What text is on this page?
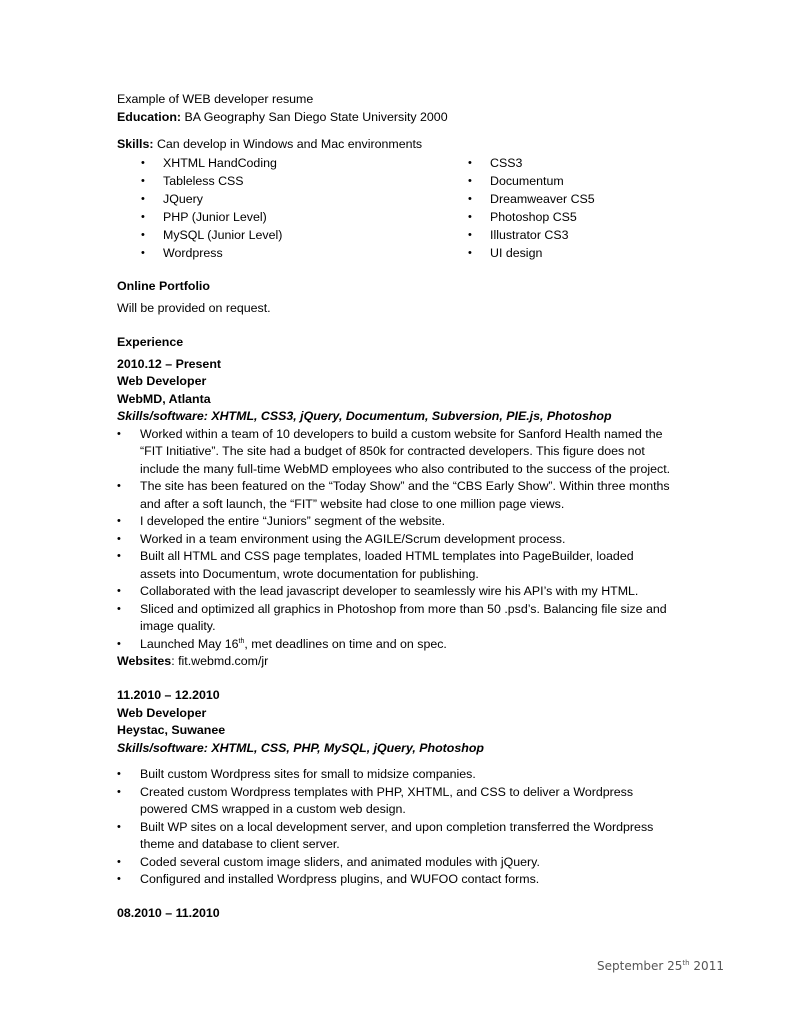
Example of WEB developer resume
Education: BA Geography San Diego State University 2000
Skills: Can develop in Windows and Mac environments
• XHTML HandCoding
• Tableless CSS
• JQuery
• PHP (Junior Level)
• MySQL (Junior Level)
• Wordpress
• CSS3
• Documentum
• Dreamweaver CS5
• Photoshop CS5
• Illustrator CS3
• UI design
Online Portfolio
Will be provided on request.
Experience
2010.12 – Present
Web Developer
WebMD, Atlanta
Skills/software: XHTML, CSS3, jQuery, Documentum, Subversion, PIE.js, Photoshop
• Worked within a team of 10 developers to build a custom website for Sanford Health named the “FIT Initiative”. The site had a budget of 850k for contracted developers. This figure does not include the many full-time WebMD employees who also contributed to the success of the project.
• The site has been featured on the “Today Show” and the “CBS Early Show”. Within three months and after a soft launch, the “FIT” website had close to one million page views.
• I developed the entire “Juniors” segment of the website.
• Worked in a team environment using the AGILE/Scrum development process.
• Built all HTML and CSS page templates, loaded HTML templates into PageBuilder, loaded assets into Documentum, wrote documentation for publishing.
• Collaborated with the lead javascript developer to seamlessly wire his API’s with my HTML.
• Sliced and optimized all graphics in Photoshop from more than 50 .psd’s. Balancing file size and image quality.
• Launched May 16th, met deadlines on time and on spec.
Websites: fit.webmd.com/jr
11.2010 – 12.2010
Web Developer
Heystac, Suwanee
Skills/software: XHTML, CSS, PHP, MySQL, jQuery, Photoshop
• Built custom Wordpress sites for small to midsize companies.
• Created custom Wordpress templates with PHP, XHTML, and CSS to deliver a Wordpress powered CMS wrapped in a custom web design.
• Built WP sites on a local development server, and upon completion transferred the Wordpress theme and database to client server.
• Coded several custom image sliders, and animated modules with jQuery.
• Configured and installed Wordpress plugins, and WUFOO contact forms.
08.2010 – 11.2010
September 25th 2011
